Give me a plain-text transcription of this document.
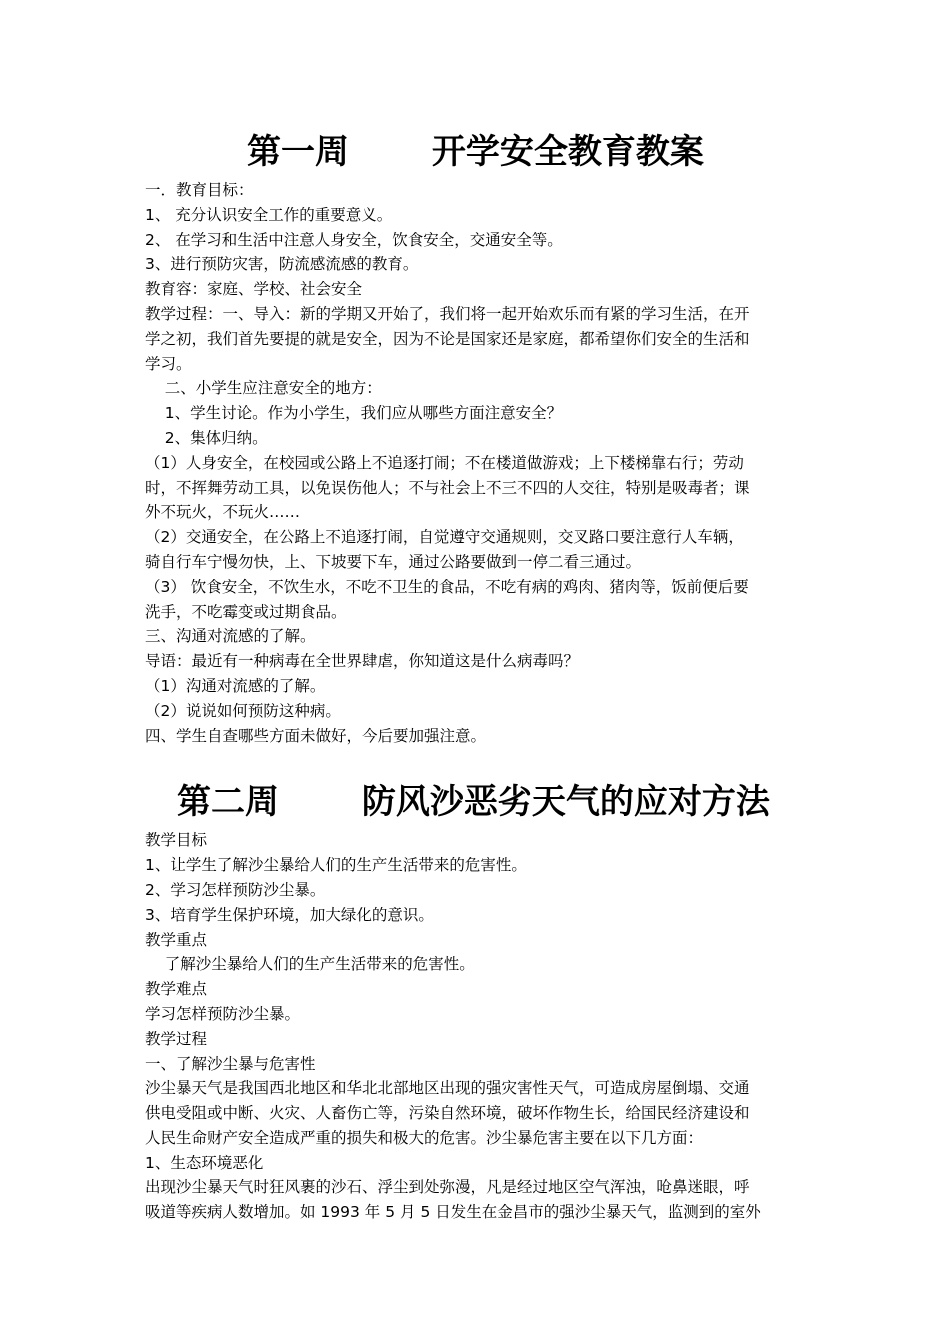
第一周       开学安全教育教案
一．教育目标：
1、 充分认识安全工作的重要意义。
2、 在学习和生活中注意人身安全，饮食安全，交通安全等。
3、进行预防灾害，防流感流感的教育。
教育容：家庭、学校、社会安全
教学过程：一、导入：新的学期又开始了，我们将一起开始欢乐而有紧的学习生活，在开
学之初，我们首先要提的就是安全，因为不论是国家还是家庭，都希望你们安全的生活和
学习。
二、小学生应注意安全的地方：
1、学生讨论。作为小学生，我们应从哪些方面注意安全？
2、集体归纳。
（1）人身安全，在校园或公路上不追逐打闹；不在楼道做游戏；上下楼梯靠右行；劳动
时，不挥舞劳动工具，以免误伤他人；不与社会上不三不四的人交往，特别是吸毒者；课
外不玩火，不玩火……
（2）交通安全，在公路上不追逐打闹，自觉遵守交通规则，交叉路口要注意行人车辆，
骑自行车宁慢勿快，上、下坡要下车，通过公路要做到一停二看三通过。
（3） 饮食安全，不饮生水，不吃不卫生的食品，不吃有病的鸡肉、猪肉等，饭前便后要
洗手，不吃霉变或过期食品。
三、沟通对流感的了解。
导语：最近有一种病毒在全世界肆虐，你知道这是什么病毒吗？
（1）沟通对流感的了解。
（2）说说如何预防这种病。
四、学生自查哪些方面未做好，今后要加强注意。
第二周       防风沙恶劣天气的应对方法
教学目标
1、让学生了解沙尘暴给人们的生产生活带来的危害性。
2、学习怎样预防沙尘暴。
3、培育学生保护环境，加大绿化的意识。
教学重点
了解沙尘暴给人们的生产生活带来的危害性。
教学难点
学习怎样预防沙尘暴。
教学过程
一、了解沙尘暴与危害性
沙尘暴天气是我国西北地区和华北北部地区出现的强灾害性天气，可造成房屋倒塌、交通
供电受阻或中断、火灾、人畜伤亡等，污染自然环境，破坏作物生长，给国民经济建设和
人民生命财产安全造成严重的损失和极大的危害。沙尘暴危害主要在以下几方面：
1、生态环境恶化
出现沙尘暴天气时狂风裹的沙石、浮尘到处弥漫，凡是经过地区空气浑浊，呛鼻迷眼，呼
吸道等疾病人数增加。如 1993 年 5 月 5 日发生在金昌市的强沙尘暴天气，监测到的室外
